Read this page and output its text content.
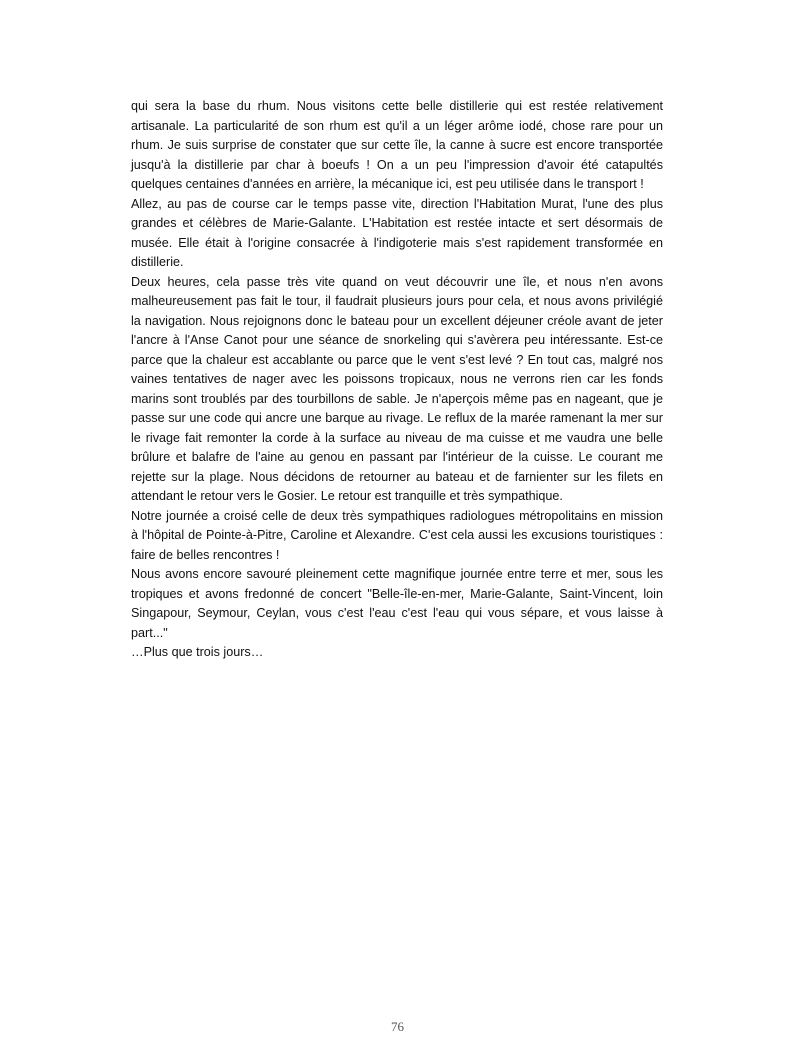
qui sera la base du rhum. Nous visitons cette belle distillerie qui est restée relativement artisanale. La particularité de son rhum est qu'il a un léger arôme iodé, chose rare pour un rhum. Je suis surprise de constater que sur cette île, la canne à sucre est encore transportée jusqu'à la distillerie par char à boeufs ! On a un peu l'impression d'avoir été catapultés quelques centaines d'années en arrière, la mécanique ici, est peu utilisée dans le transport !

Allez, au pas de course car le temps passe vite, direction l'Habitation Murat, l'une des plus grandes et célèbres de Marie-Galante. L'Habitation est restée intacte et sert désormais de musée. Elle était à l'origine consacrée à l'indigoterie mais s'est rapidement transformée en distillerie.

Deux heures, cela passe très vite quand on veut découvrir une île, et nous n'en avons malheureusement pas fait le tour, il faudrait plusieurs jours pour cela, et nous avons privilégié la navigation. Nous rejoignons donc le bateau pour un excellent déjeuner créole avant de jeter l'ancre à l'Anse Canot pour une séance de snorkeling qui s'avèrera peu intéressante. Est-ce parce que la chaleur est accablante ou parce que le vent s'est levé ? En tout cas, malgré nos vaines tentatives de nager avec les poissons tropicaux, nous ne verrons rien car les fonds marins sont troublés par des tourbillons de sable. Je n'aperçois même pas en nageant, que je passe sur une code qui ancre une barque au rivage. Le reflux de la marée ramenant la mer sur le rivage fait remonter la corde à la surface au niveau de ma cuisse et me vaudra une belle brûlure et balafre de l'aine au genou en passant par l'intérieur de la cuisse. Le courant me rejette sur la plage. Nous décidons de retourner au bateau et de farnienter sur les filets en attendant le retour vers le Gosier. Le retour est tranquille et très sympathique.

Notre journée a croisé celle de deux très sympathiques radiologues métropolitains en mission à l'hôpital de Pointe-à-Pitre, Caroline et Alexandre. C'est cela aussi les excusions touristiques : faire de belles rencontres !

Nous avons encore savouré pleinement cette magnifique journée entre terre et mer, sous les tropiques et avons fredonné de concert "Belle-île-en-mer, Marie-Galante, Saint-Vincent, loin Singapour, Seymour, Ceylan, vous c'est l'eau c'est l'eau qui vous sépare, et vous laisse à part..."

…Plus que trois jours…

76
